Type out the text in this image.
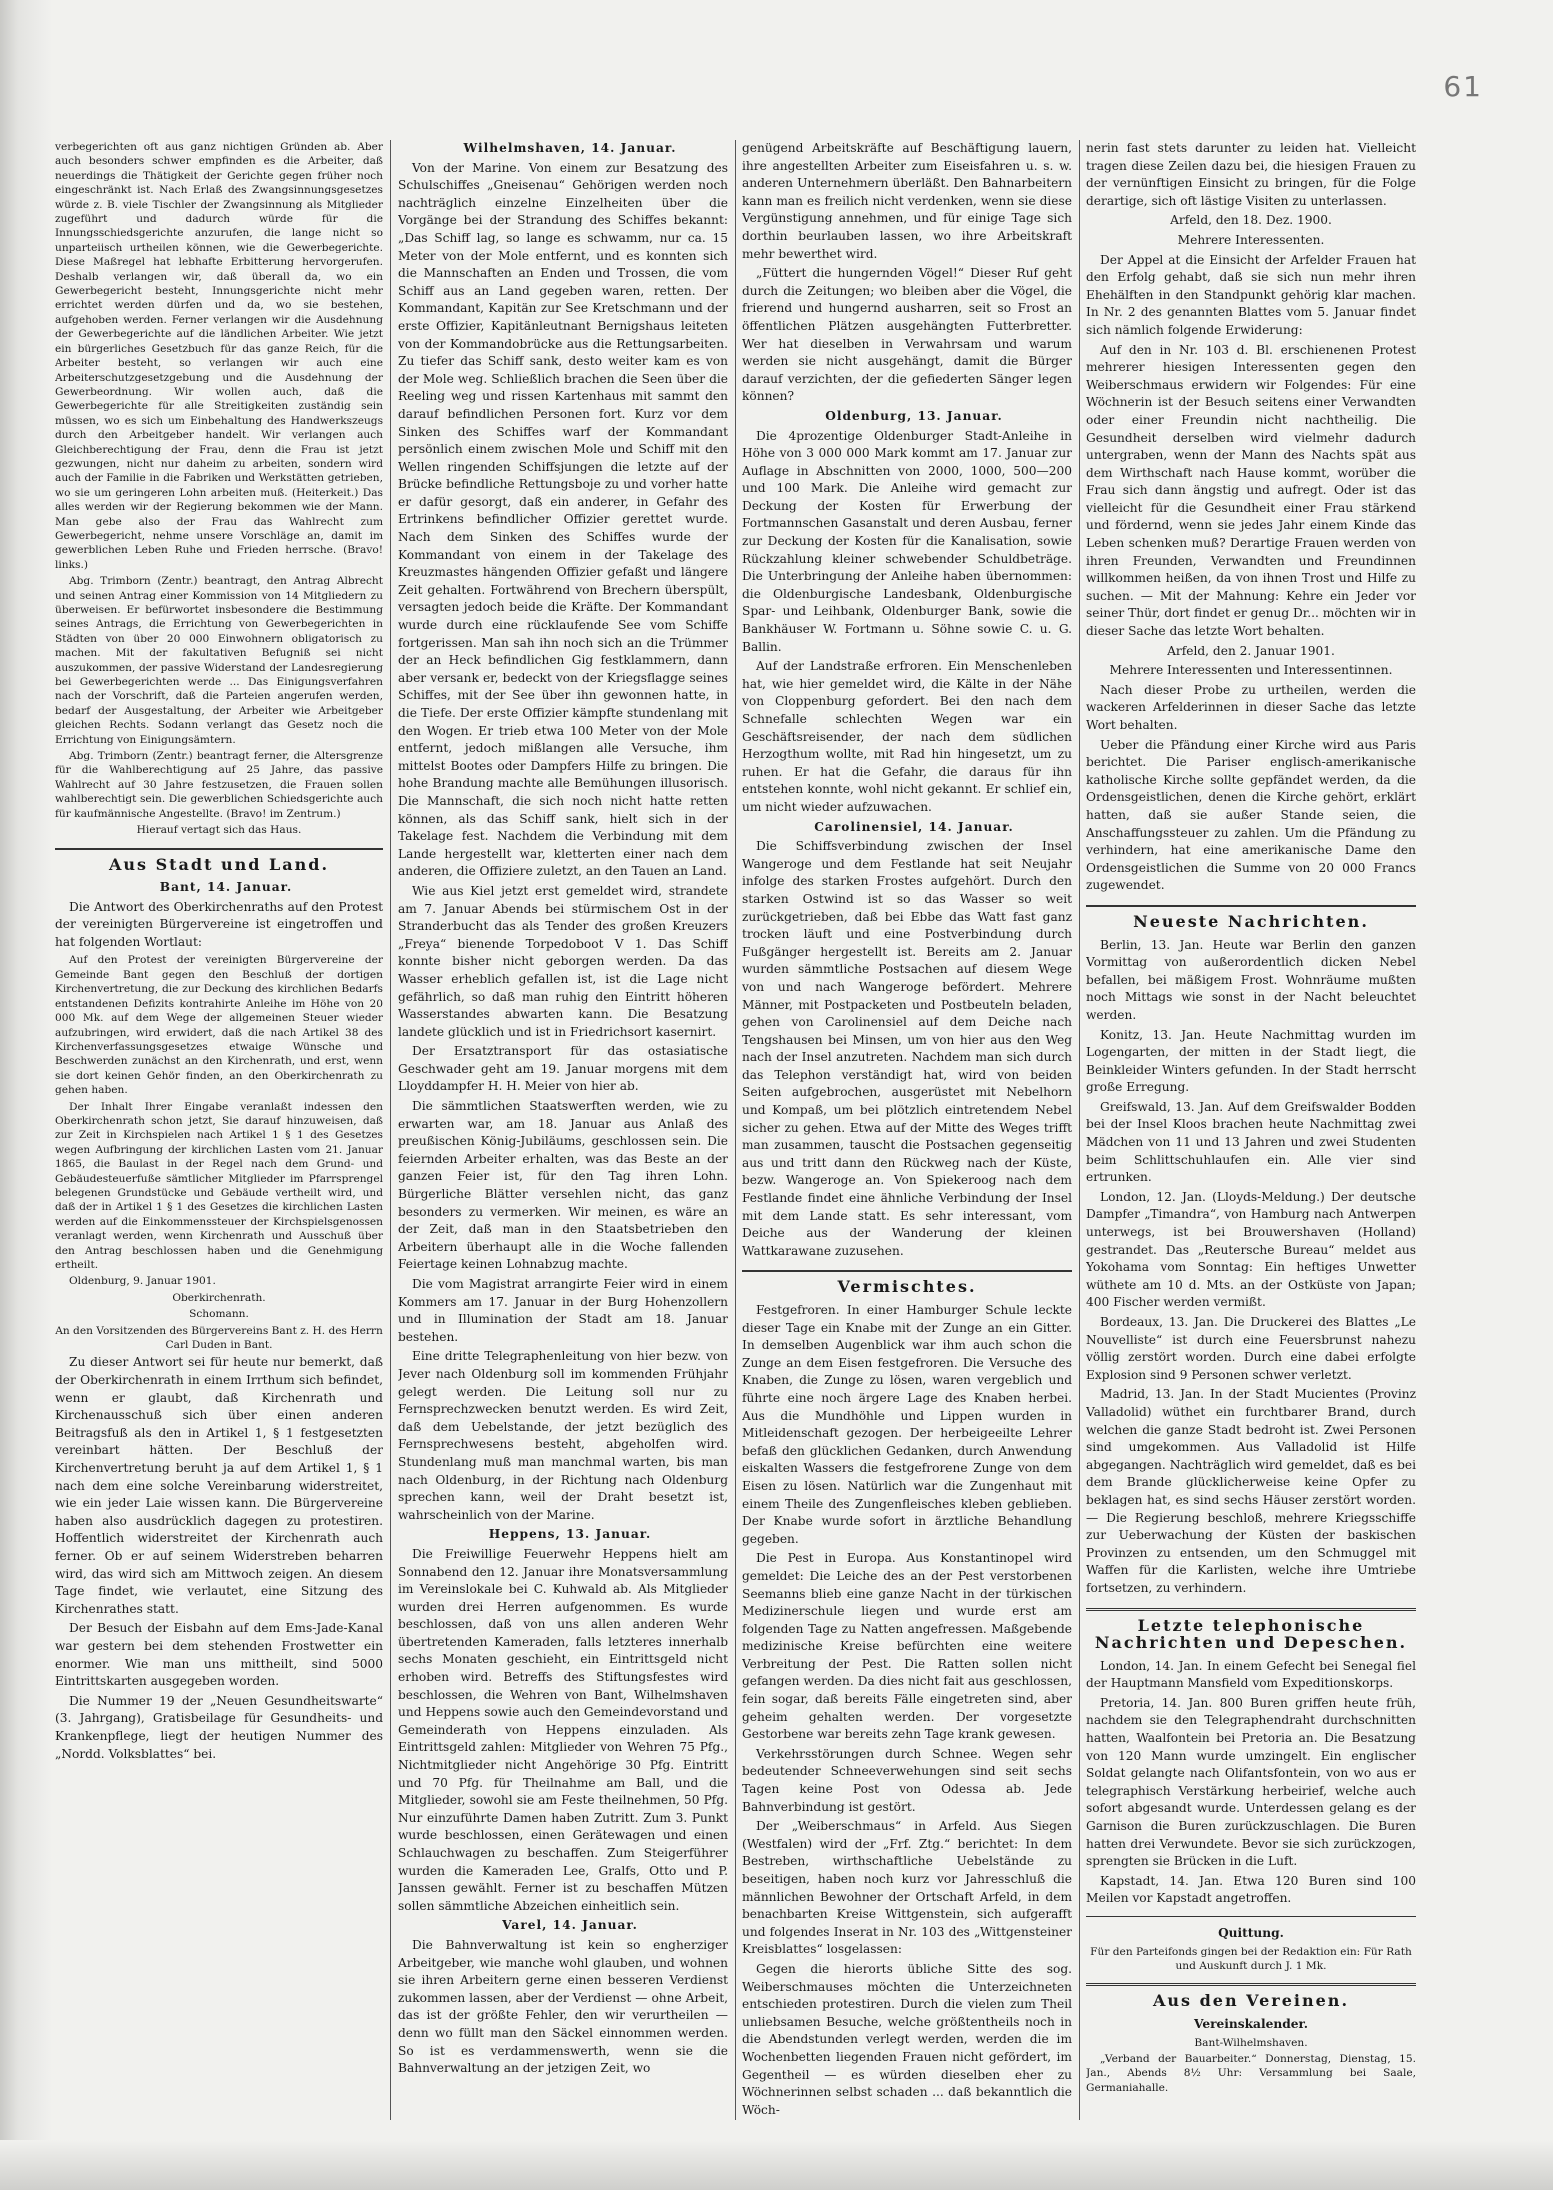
61

verbegerichten oft aus ganz nichtigen Gründen ab. Aber auch besonders schwer empfinden es die Arbeiter, daß neuerdings die Thätigkeit der Gerichte gegen früher noch eingeschränkt ist. Nach Erlaß des Zwangsinnungsgesetzes würde z. B. viele Tischler der Zwangsinnung als Mitglieder zugeführt und dadurch würde für die Innungsschiedsgerichte anzurufen, die lange nicht so unparteiisch urtheilen können, wie die Gewerbegerichte. Diese Maßregel hat lebhafte Erbitterung hervorgerufen. Deshalb verlangen wir, daß überall da, wo ein Gewerbegericht besteht, Innungsgerichte nicht mehr errichtet werden dürfen und da, wo sie bestehen, aufgehoben werden. Ferner verlangen wir die Ausdehnung der Gewerbegerichte auf die ländlichen Arbeiter. Wie jetzt ein bürgerliches Gesetzbuch für das ganze Reich, für die Arbeiter besteht, so verlangen wir auch eine Arbeiterschutzgesetzgebung und die Ausdehnung der Gewerbeordnung. Wir wollen auch, daß die Gewerbegerichte für alle Streitigkeiten zuständig sein müssen, wo es sich um Einbehaltung des Handwerkszeugs durch den Arbeitgeber handelt. Wir verlangen auch Gleichberechtigung der Frau, denn die Frau ist jetzt gezwungen, nicht nur daheim zu arbeiten, sondern wird auch der Familie in die Fabriken und Werkstätten getrieben, wo sie um geringeren Lohn arbeiten muß. (Heiterkeit.) Das alles werden wir der Regierung bekommen wie der Mann. Man gebe also der Frau das Wahlrecht zum Gewerbegericht, nehme unsere Vorschläge an, damit im gewerblichen Leben Ruhe und Frieden herrsche. (Bravo! links.)

Abg. Trimborn (Zentr.) beantragt, den Antrag Albrecht und seinen Antrag einer Kommission von 14 Mitgliedern zu überweisen. Er befürwortet insbesondere die Bestimmung seines Antrags, die Errichtung von Gewerbegerichten in Städten von über 20 000 Einwohnern obligatorisch zu machen. Mit der fakultativen Befugniß sei nicht auszukommen, der passive Widerstand der Landesregierung bei Gewerbegerichten werde ... Das Einigungsverfahren nach der Vorschrift, daß die Parteien angerufen werden, bedarf der Ausgestaltung, der Arbeiter wie Arbeitgeber gleichen Rechts. Sodann verlangt das Gesetz noch die Errichtung von Einigungsämtern.

Abg. Trimborn (Zentr.) beantragt ferner, die Altersgrenze für die Wahlberechtigung auf 25 Jahre, das passive Wahlrecht auf 30 Jahre festzusetzen, die Frauen sollen wahlberechtigt sein. Die gewerblichen Schiedsgerichte auch für kaufmännische Angestellte. (Bravo! im Zentrum.)

Hierauf vertagt sich das Haus.

Aus Stadt und Land.

Bant, 14. Januar.

Die Antwort des Oberkirchenraths auf den Protest der vereinigten Bürgervereine ist eingetroffen und hat folgenden Wortlaut:

Auf den Protest der vereinigten Bürgervereine der Gemeinde Bant gegen den Beschluß der dortigen Kirchenvertretung, die zur Deckung des kirchlichen Bedarfs entstandenen Defizits kontrahirte Anleihe im Höhe von 20 000 Mk. auf dem Wege der allgemeinen Steuer wieder aufzubringen, wird erwidert, daß die nach Artikel 38 des Kirchenverfassungsgesetzes etwaige Wünsche und Beschwerden zunächst an den Kirchenrath, und erst, wenn sie dort keinen Gehör finden, an den Oberkirchenrath zu gehen haben.

Der Inhalt Ihrer Eingabe veranlaßt indessen den Oberkirchenrath schon jetzt, Sie darauf hinzuweisen, daß zur Zeit in Kirchspielen nach Artikel 1 § 1 des Gesetzes wegen Aufbringung der kirchlichen Lasten vom 21. Januar 1865, die Baulast in der Regel nach dem Grund- und Gebäudesteuerfuße sämtlicher Mitglieder im Pfarrsprengel belegenen Grundstücke und Gebäude vertheilt wird, und daß der in Artikel 1 § 1 des Gesetzes die kirchlichen Lasten werden auf die Einkommenssteuer der Kirchspielsgenossen veranlagt werden, wenn Kirchenrath und Ausschuß über den Antrag beschlossen haben und die Genehmigung ertheilt.

Oldenburg, 9. Januar 1901.

Oberkirchenrath.

Schomann.

An den Vorsitzenden des Bürgervereins Bant z. H. des Herrn Carl Duden in Bant.

Zu dieser Antwort sei für heute nur bemerkt, daß der Oberkirchenrath in einem Irrthum sich befindet, wenn er glaubt, daß Kirchenrath und Kirchenausschuß sich über einen anderen Beitragsfuß als den in Artikel 1, § 1 festgesetzten vereinbart hätten. Der Beschluß der Kirchenvertretung beruht ja auf dem Artikel 1, § 1 nach dem eine solche Vereinbarung widerstreitet, wie ein jeder Laie wissen kann. Die Bürgervereine haben also ausdrücklich dagegen zu protestiren. Hoffentlich widerstreitet der Kirchenrath auch ferner. Ob er auf seinem Widerstreben beharren wird, das wird sich am Mittwoch zeigen. An diesem Tage findet, wie verlautet, eine Sitzung des Kirchenrathes statt.

Der Besuch der Eisbahn auf dem Ems-Jade-Kanal war gestern bei dem stehenden Frostwetter ein enormer. Wie man uns mittheilt, sind 5000 Eintrittskarten ausgegeben worden.

Die Nummer 19 der „Neuen Gesundheitswarte“ (3. Jahrgang), Gratisbeilage für Gesundheits- und Krankenpflege, liegt der heutigen Nummer des „Nordd. Volksblattes“ bei.

Wilhelmshaven, 14. Januar.

Von der Marine. Von einem zur Besatzung des Schulschiffes „Gneisenau“ Gehörigen werden noch nachträglich einzelne Einzelheiten über die Vorgänge bei der Strandung des Schiffes bekannt: „Das Schiff lag, so lange es schwamm, nur ca. 15 Meter von der Mole entfernt, und es konnten sich die Mannschaften an Enden und Trossen, die vom Schiff aus an Land gegeben waren, retten. Der Kommandant, Kapitän zur See Kretschmann und der erste Offizier, Kapitänleutnant Bernigshaus leiteten von der Kommandobrücke aus die Rettungsarbeiten. Zu tiefer das Schiff sank, desto weiter kam es von der Mole weg. Schließlich brachen die Seen über die Reeling weg und rissen Kartenhaus mit sammt den darauf befindlichen Personen fort. Kurz vor dem Sinken des Schiffes warf der Kommandant persönlich einem zwischen Mole und Schiff mit den Wellen ringenden Schiffsjungen die letzte auf der Brücke befindliche Rettungsboje zu und vorher hatte er dafür gesorgt, daß ein anderer, in Gefahr des Ertrinkens befindlicher Offizier gerettet wurde. Nach dem Sinken des Schiffes wurde der Kommandant von einem in der Takelage des Kreuzmastes hängenden Offizier gefaßt und längere Zeit gehalten. Fortwährend von Brechern überspült, versagten jedoch beide die Kräfte. Der Kommandant wurde durch eine rücklaufende See vom Schiffe fortgerissen. Man sah ihn noch sich an die Trümmer der an Heck befindlichen Gig festklammern, dann aber versank er, bedeckt von der Kriegsflagge seines Schiffes, mit der See über ihn gewonnen hatte, in die Tiefe. Der erste Offizier kämpfte stundenlang mit den Wogen. Er trieb etwa 100 Meter von der Mole entfernt, jedoch mißlangen alle Versuche, ihm mittelst Bootes oder Dampfers Hilfe zu bringen. Die hohe Brandung machte alle Bemühungen illusorisch. Die Mannschaft, die sich noch nicht hatte retten können, als das Schiff sank, hielt sich in der Takelage fest. Nachdem die Verbindung mit dem Lande hergestellt war, kletterten einer nach dem anderen, die Offiziere zuletzt, an den Tauen an Land.

Wie aus Kiel jetzt erst gemeldet wird, strandete am 7. Januar Abends bei stürmischem Ost in der Stranderbucht das als Tender des großen Kreuzers „Freya“ bienende Torpedoboot V 1. Das Schiff konnte bisher nicht geborgen werden. Da das Wasser erheblich gefallen ist, ist die Lage nicht gefährlich, so daß man ruhig den Eintritt höheren Wasserstandes abwarten kann. Die Besatzung landete glücklich und ist in Friedrichsort kasernirt.

Der Ersatztransport für das ostasiatische Geschwader geht am 19. Januar morgens mit dem Lloyddampfer H. H. Meier von hier ab.

Die sämmtlichen Staatswerften werden, wie zu erwarten war, am 18. Januar aus Anlaß des preußischen König-Jubiläums, geschlossen sein. Die feiernden Arbeiter erhalten, was das Beste an der ganzen Feier ist, für den Tag ihren Lohn. Bürgerliche Blätter versehlen nicht, das ganz besonders zu vermerken. Wir meinen, es wäre an der Zeit, daß man in den Staatsbetrieben den Arbeitern überhaupt alle in die Woche fallenden Feiertage keinen Lohnabzug machte.

Die vom Magistrat arrangirte Feier wird in einem Kommers am 17. Januar in der Burg Hohenzollern und in Illumination der Stadt am 18. Januar bestehen.

Eine dritte Telegraphenleitung von hier bezw. von Jever nach Oldenburg soll im kommenden Frühjahr gelegt werden. Die Leitung soll nur zu Fernsprechzwecken benutzt werden. Es wird Zeit, daß dem Uebelstande, der jetzt bezüglich des Fernsprechwesens besteht, abgeholfen wird. Stundenlang muß man manchmal warten, bis man nach Oldenburg, in der Richtung nach Oldenburg sprechen kann, weil der Draht besetzt ist, wahrscheinlich von der Marine.

Heppens, 13. Januar.

Die Freiwillige Feuerwehr Heppens hielt am Sonnabend den 12. Januar ihre Monatsversammlung im Vereinslokale bei C. Kuhwald ab. Als Mitglieder wurden drei Herren aufgenommen. Es wurde beschlossen, daß von uns allen anderen Wehr übertretenden Kameraden, falls letzteres innerhalb sechs Monaten geschieht, ein Eintrittsgeld nicht erhoben wird. Betreffs des Stiftungsfestes wird beschlossen, die Wehren von Bant, Wilhelmshaven und Heppens sowie auch den Gemeindevorstand und Gemeinderath von Heppens einzuladen. Als Eintrittsgeld zahlen: Mitglieder von Wehren 75 Pfg., Nichtmitglieder nicht Angehörige 30 Pfg. Eintritt und 70 Pfg. für Theilnahme am Ball, und die Mitglieder, sowohl sie am Feste theilnehmen, 50 Pfg. Nur einzuführte Damen haben Zutritt. Zum 3. Punkt wurde beschlossen, einen Gerätewagen und einen Schlauchwagen zu beschaffen. Zum Steigerführer wurden die Kameraden Lee, Gralfs, Otto und P. Janssen gewählt. Ferner ist zu beschaffen Mützen sollen sämmtliche Abzeichen einheitlich sein.

Varel, 14. Januar.

Die Bahnverwaltung ist kein so engherziger Arbeitgeber, wie manche wohl glauben, und wohnen sie ihren Arbeitern gerne einen besseren Verdienst zukommen lassen, aber der Verdienst — ohne Arbeit, das ist der größte Fehler, den wir verurtheilen — denn wo füllt man den Säckel einnommen werden. So ist es verdammenswerth, wenn sie die Bahnverwaltung an der jetzigen Zeit, wo

genügend Arbeitskräfte auf Beschäftigung lauern, ihre angestellten Arbeiter zum Eiseisfahren u. s. w. anderen Unternehmern überläßt. Den Bahnarbeitern kann man es freilich nicht verdenken, wenn sie diese Vergünstigung annehmen, und für einige Tage sich dorthin beurlauben lassen, wo ihre Arbeitskraft mehr bewerthet wird.

„Füttert die hungernden Vögel!“ Dieser Ruf geht durch die Zeitungen; wo bleiben aber die Vögel, die frierend und hungernd ausharren, seit so Frost an öffentlichen Plätzen ausgehängten Futterbretter. Wer hat dieselben in Verwahrsam und warum werden sie nicht ausgehängt, damit die Bürger darauf verzichten, der die gefiederten Sänger legen können?

Oldenburg, 13. Januar.

Die 4prozentige Oldenburger Stadt-Anleihe in Höhe von 3 000 000 Mark kommt am 17. Januar zur Auflage in Abschnitten von 2000, 1000, 500—200 und 100 Mark. Die Anleihe wird gemacht zur Deckung der Kosten für Erwerbung der Fortmannschen Gasanstalt und deren Ausbau, ferner zur Deckung der Kosten für die Kanalisation, sowie Rückzahlung kleiner schwebender Schuldbeträge. Die Unterbringung der Anleihe haben übernommen: die Oldenburgische Landesbank, Oldenburgische Spar- und Leihbank, Oldenburger Bank, sowie die Bankhäuser W. Fortmann u. Söhne sowie C. u. G. Ballin.

Auf der Landstraße erfroren. Ein Menschenleben hat, wie hier gemeldet wird, die Kälte in der Nähe von Cloppenburg gefordert. Bei den nach dem Schnefalle schlechten Wegen war ein Geschäftsreisender, der nach dem südlichen Herzogthum wollte, mit Rad hin hingesetzt, um zu ruhen. Er hat die Gefahr, die daraus für ihn entstehen konnte, wohl nicht gekannt. Er schlief ein, um nicht wieder aufzuwachen.

Carolinensiel, 14. Januar.

Die Schiffsverbindung zwischen der Insel Wangeroge und dem Festlande hat seit Neujahr infolge des starken Frostes aufgehört. Durch den starken Ostwind ist so das Wasser so weit zurückgetrieben, daß bei Ebbe das Watt fast ganz trocken läuft und eine Postverbindung durch Fußgänger hergestellt ist. Bereits am 2. Januar wurden sämmtliche Postsachen auf diesem Wege von und nach Wangeroge befördert. Mehrere Männer, mit Postpacketen und Postbeuteln beladen, gehen von Carolinensiel auf dem Deiche nach Tengshausen bei Minsen, um von hier aus den Weg nach der Insel anzutreten. Nachdem man sich durch das Telephon verständigt hat, wird von beiden Seiten aufgebrochen, ausgerüstet mit Nebelhorn und Kompaß, um bei plötzlich eintretendem Nebel sicher zu gehen. Etwa auf der Mitte des Weges trifft man zusammen, tauscht die Postsachen gegenseitig aus und tritt dann den Rückweg nach der Küste, bezw. Wangeroge an. Von Spiekeroog nach dem Festlande findet eine ähnliche Verbindung der Insel mit dem Lande statt. Es sehr interessant, vom Deiche aus der Wanderung der kleinen Wattkarawane zuzusehen.

Vermischtes.

Festgefroren. In einer Hamburger Schule leckte dieser Tage ein Knabe mit der Zunge an ein Gitter. In demselben Augenblick war ihm auch schon die Zunge an dem Eisen festgefroren. Die Versuche des Knaben, die Zunge zu lösen, waren vergeblich und führte eine noch ärgere Lage des Knaben herbei. Aus die Mundhöhle und Lippen wurden in Mitleidenschaft gezogen. Der herbeigeeilte Lehrer befaß den glücklichen Gedanken, durch Anwendung eiskalten Wassers die festgefrorene Zunge von dem Eisen zu lösen. Natürlich war die Zungenhaut mit einem Theile des Zungenfleisches kleben geblieben. Der Knabe wurde sofort in ärztliche Behandlung gegeben.

Die Pest in Europa. Aus Konstantinopel wird gemeldet: Die Leiche des an der Pest verstorbenen Seemanns blieb eine ganze Nacht in der türkischen Medizinerschule liegen und wurde erst am folgenden Tage zu Natten angefressen. Maßgebende medizinische Kreise befürchten eine weitere Verbreitung der Pest. Die Ratten sollen nicht gefangen werden. Da dies nicht fait aus geschlossen, fein sogar, daß bereits Fälle eingetreten sind, aber geheim gehalten werden. Der vorgesetzte Gestorbene war bereits zehn Tage krank gewesen.

Verkehrsstörungen durch Schnee. Wegen sehr bedeutender Schneeverwehungen sind seit sechs Tagen keine Post von Odessa ab. Jede Bahnverbindung ist gestört.

Der „Weiberschmaus“ in Arfeld. Aus Siegen (Westfalen) wird der „Frf. Ztg.“ berichtet: In dem Bestreben, wirthschaftliche Uebelstände zu beseitigen, haben noch kurz vor Jahresschluß die männlichen Bewohner der Ortschaft Arfeld, in dem benachbarten Kreise Wittgenstein, sich aufgerafft und folgendes Inserat in Nr. 103 des „Wittgensteiner Kreisblattes“ losgelassen:

Gegen die hierorts übliche Sitte des sog. Weiberschmauses möchten die Unterzeichneten entschieden protestiren. Durch die vielen zum Theil unliebsamen Besuche, welche größtentheils noch in die Abendstunden verlegt werden, werden die im Wochenbetten liegenden Frauen nicht gefördert, im Gegentheil — es würden dieselben eher zu Wöchnerinnen selbst schaden ... daß bekanntlich die Wöch-

nerin fast stets darunter zu leiden hat. Vielleicht tragen diese Zeilen dazu bei, die hiesigen Frauen zu der vernünftigen Einsicht zu bringen, für die Folge derartige, sich oft lästige Visiten zu unterlassen.

Arfeld, den 18. Dez. 1900.

Mehrere Interessenten.

Der Appel at die Einsicht der Arfelder Frauen hat den Erfolg gehabt, daß sie sich nun mehr ihren Ehehälften in den Standpunkt gehörig klar machen. In Nr. 2 des genannten Blattes vom 5. Januar findet sich nämlich folgende Erwiderung:

Auf den in Nr. 103 d. Bl. erschienenen Protest mehrerer hiesigen Interessenten gegen den Weiberschmaus erwidern wir Folgendes: Für eine Wöchnerin ist der Besuch seitens einer Verwandten oder einer Freundin nicht nachtheilig. Die Gesundheit derselben wird vielmehr dadurch untergraben, wenn der Mann des Nachts spät aus dem Wirthschaft nach Hause kommt, worüber die Frau sich dann ängstig und aufregt. Oder ist das vielleicht für die Gesundheit einer Frau stärkend und fördernd, wenn sie jedes Jahr einem Kinde das Leben schenken muß? Derartige Frauen werden von ihren Freunden, Verwandten und Freundinnen willkommen heißen, da von ihnen Trost und Hilfe zu suchen. — Mit der Mahnung: Kehre ein Jeder vor seiner Thür, dort findet er genug Dr... möchten wir in dieser Sache das letzte Wort behalten.

Arfeld, den 2. Januar 1901.

Mehrere Interessenten und Interessentinnen.

Nach dieser Probe zu urtheilen, werden die wackeren Arfelderinnen in dieser Sache das letzte Wort behalten.

Ueber die Pfändung einer Kirche wird aus Paris berichtet. Die Pariser englisch-amerikanische katholische Kirche sollte gepfändet werden, da die Ordensgeistlichen, denen die Kirche gehört, erklärt hatten, daß sie außer Stande seien, die Anschaffungssteuer zu zahlen. Um die Pfändung zu verhindern, hat eine amerikanische Dame den Ordensgeistlichen die Summe von 20 000 Francs zugewendet.

Neueste Nachrichten.

Berlin, 13. Jan. Heute war Berlin den ganzen Vormittag von außerordentlich dicken Nebel befallen, bei mäßigem Frost. Wohnräume mußten noch Mittags wie sonst in der Nacht beleuchtet werden.

Konitz, 13. Jan. Heute Nachmittag wurden im Logengarten, der mitten in der Stadt liegt, die Beinkleider Winters gefunden. In der Stadt herrscht große Erregung.

Greifswald, 13. Jan. Auf dem Greifswalder Bodden bei der Insel Kloos brachen heute Nachmittag zwei Mädchen von 11 und 13 Jahren und zwei Studenten beim Schlittschuhlaufen ein. Alle vier sind ertrunken.

London, 12. Jan. (Lloyds-Meldung.) Der deutsche Dampfer „Timandra“, von Hamburg nach Antwerpen unterwegs, ist bei Brouwershaven (Holland) gestrandet. Das „Reutersche Bureau“ meldet aus Yokohama vom Sonntag: Ein heftiges Unwetter wüthete am 10 d. Mts. an der Ostküste von Japan; 400 Fischer werden vermißt.

Bordeaux, 13. Jan. Die Druckerei des Blattes „Le Nouvelliste“ ist durch eine Feuersbrunst nahezu völlig zerstört worden. Durch eine dabei erfolgte Explosion sind 9 Personen schwer verletzt.

Madrid, 13. Jan. In der Stadt Mucientes (Provinz Valladolid) wüthet ein furchtbarer Brand, durch welchen die ganze Stadt bedroht ist. Zwei Personen sind umgekommen. Aus Valladolid ist Hilfe abgegangen. Nachträglich wird gemeldet, daß es bei dem Brande glücklicherweise keine Opfer zu beklagen hat, es sind sechs Häuser zerstört worden. — Die Regierung beschloß, mehrere Kriegsschiffe zur Ueberwachung der Küsten der baskischen Provinzen zu entsenden, um den Schmuggel mit Waffen für die Karlisten, welche ihre Umtriebe fortsetzen, zu verhindern.

Letzte telephonische Nachrichten und Depeschen.

London, 14. Jan. In einem Gefecht bei Senegal fiel der Hauptmann Mansfield vom Expeditionskorps.

Pretoria, 14. Jan. 800 Buren griffen heute früh, nachdem sie den Telegraphendraht durchschnitten hatten, Waalfontein bei Pretoria an. Die Besatzung von 120 Mann wurde umzingelt. Ein englischer Soldat gelangte nach Olifantsfontein, von wo aus er telegraphisch Verstärkung herbeirief, welche auch sofort abgesandt wurde. Unterdessen gelang es der Garnison die Buren zurückzuschlagen. Die Buren hatten drei Verwundete. Bevor sie sich zurückzogen, sprengten sie Brücken in die Luft.

Kapstadt, 14. Jan. Etwa 120 Buren sind 100 Meilen vor Kapstadt angetroffen.

Quittung.

Für den Parteifonds gingen bei der Redaktion ein: Für Rath und Auskunft durch J. 1 Mk.

Aus den Vereinen.

Vereinskalender.

Bant-Wilhelmshaven.

„Verband der Bauarbeiter.“ Donnerstag, Dienstag, 15. Jan., Abends 8½ Uhr: Versammlung bei Saale, Germaniahalle.
